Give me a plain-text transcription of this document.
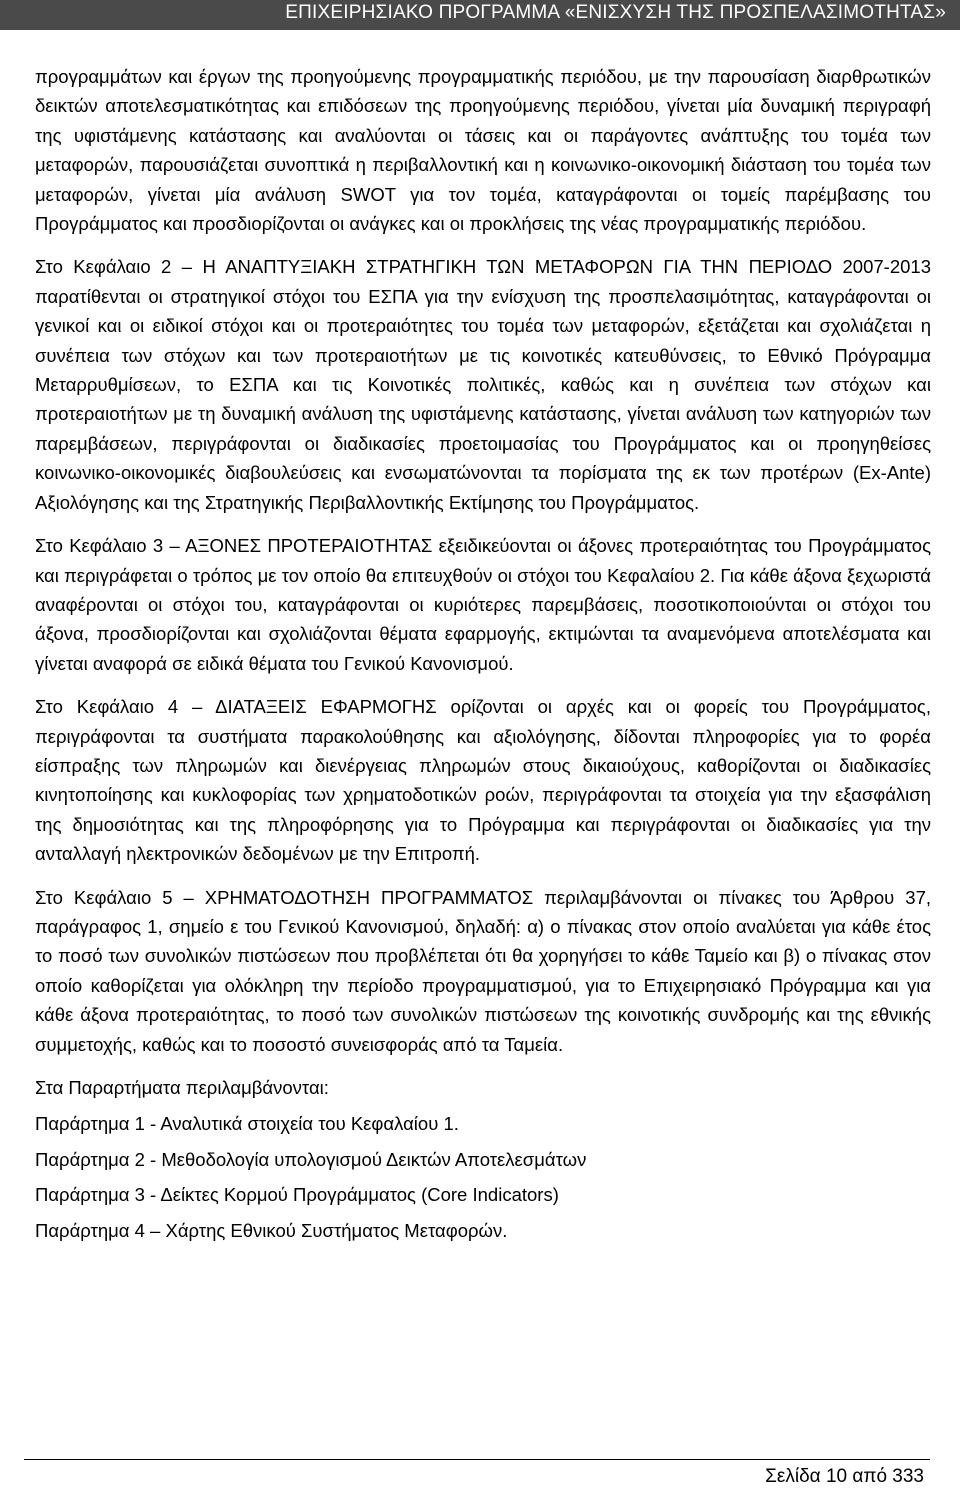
ΕΠΙΧΕΙΡΗΣΙΑΚΟ ΠΡΟΓΡΑΜΜΑ «ΕΝΙΣΧΥΣΗ ΤΗΣ ΠΡΟΣΠΕΛΑΣΙΜΟΤΗΤΑΣ»

προγραμμάτων και έργων της προηγούμενης προγραμματικής περιόδου, με την παρουσίαση διαρθρωτικών δεικτών αποτελεσματικότητας και επιδόσεων της προηγούμενης περιόδου, γίνεται μία δυναμική περιγραφή της υφιστάμενης κατάστασης και αναλύονται οι τάσεις και οι παράγοντες ανάπτυξης του τομέα των μεταφορών, παρουσιάζεται συνοπτικά η περιβαλλοντική και η κοινωνικο-οικονομική διάσταση του τομέα των μεταφορών, γίνεται μία ανάλυση SWOT για τον τομέα, καταγράφονται οι τομείς παρέμβασης του Προγράμματος και προσδιορίζονται οι ανάγκες και οι προκλήσεις της νέας προγραμματικής περιόδου.

Στο Κεφάλαιο 2 – Η ΑΝΑΠΤΥΞΙΑΚΗ ΣΤΡΑΤΗΓΙΚΗ ΤΩΝ ΜΕΤΑΦΟΡΩΝ ΓΙΑ ΤΗΝ ΠΕΡΙΟΔΟ 2007-2013 παρατίθενται οι στρατηγικοί στόχοι του ΕΣΠΑ για την ενίσχυση της προσπελασιμότητας, καταγράφονται οι γενικοί και οι ειδικοί στόχοι και οι προτεραιότητες του τομέα των μεταφορών, εξετάζεται και σχολιάζεται η συνέπεια των στόχων και των προτεραιοτήτων με τις κοινοτικές κατευθύνσεις, το Εθνικό Πρόγραμμα Μεταρρυθμίσεων, το ΕΣΠΑ και τις Κοινοτικές πολιτικές, καθώς και η συνέπεια των στόχων και προτεραιοτήτων με τη δυναμική ανάλυση της υφιστάμενης κατάστασης, γίνεται ανάλυση των κατηγοριών των παρεμβάσεων, περιγράφονται οι διαδικασίες προετοιμασίας του Προγράμματος και οι προηγηθείσες κοινωνικο-οικονομικές διαβουλεύσεις και ενσωματώνονται τα πορίσματα της εκ των προτέρων (Ex-Ante) Αξιολόγησης και της Στρατηγικής Περιβαλλοντικής Εκτίμησης του Προγράμματος.

Στο Κεφάλαιο 3 – ΑΞΟΝΕΣ ΠΡΟΤΕΡΑΙΟΤΗΤΑΣ εξειδικεύονται οι άξονες προτεραιότητας του Προγράμματος και περιγράφεται ο τρόπος με τον οποίο θα επιτευχθούν οι στόχοι του Κεφαλαίου 2. Για κάθε άξονα ξεχωριστά αναφέρονται οι στόχοι του, καταγράφονται οι κυριότερες παρεμβάσεις, ποσοτικοποιούνται οι στόχοι του άξονα, προσδιορίζονται και σχολιάζονται θέματα εφαρμογής, εκτιμώνται τα αναμενόμενα αποτελέσματα και γίνεται αναφορά σε ειδικά θέματα του Γενικού Κανονισμού.

Στο Κεφάλαιο 4 – ΔΙΑΤΑΞΕΙΣ ΕΦΑΡΜΟΓΗΣ ορίζονται οι αρχές και οι φορείς του Προγράμματος, περιγράφονται τα συστήματα παρακολούθησης και αξιολόγησης, δίδονται πληροφορίες για το φορέα είσπραξης των πληρωμών και διενέργειας πληρωμών στους δικαιούχους, καθορίζονται οι διαδικασίες κινητοποίησης και κυκλοφορίας των χρηματοδοτικών ροών, περιγράφονται τα στοιχεία για την εξασφάλιση της δημοσιότητας και της πληροφόρησης για το Πρόγραμμα και περιγράφονται οι διαδικασίες για την ανταλλαγή ηλεκτρονικών δεδομένων με την Επιτροπή.

Στο Κεφάλαιο 5 – ΧΡΗΜΑΤΟΔΟΤΗΣΗ ΠΡΟΓΡΑΜΜΑΤΟΣ περιλαμβάνονται οι πίνακες του Άρθρου 37, παράγραφος 1, σημείο ε του Γενικού Κανονισμού, δηλαδή: α) ο πίνακας στον οποίο αναλύεται για κάθε έτος το ποσό των συνολικών πιστώσεων που προβλέπεται ότι θα χορηγήσει το κάθε Ταμείο και β) ο πίνακας στον οποίο καθορίζεται για ολόκληρη την περίοδο προγραμματισμού, για το Επιχειρησιακό Πρόγραμμα και για κάθε άξονα προτεραιότητας, το ποσό των συνολικών πιστώσεων της κοινοτικής συνδρομής και της εθνικής συμμετοχής, καθώς και το ποσοστό συνεισφοράς από τα Ταμεία.

Στα Παραρτήματα περιλαμβάνονται:

Παράρτημα 1 - Αναλυτικά στοιχεία του Κεφαλαίου 1.

Παράρτημα 2 - Μεθοδολογία υπολογισμού Δεικτών Αποτελεσμάτων

Παράρτημα 3 - Δείκτες Κορμού Προγράμματος (Core Indicators)

Παράρτημα 4 – Χάρτης Εθνικού Συστήματος Μεταφορών.

Σελίδα 10 από 333
